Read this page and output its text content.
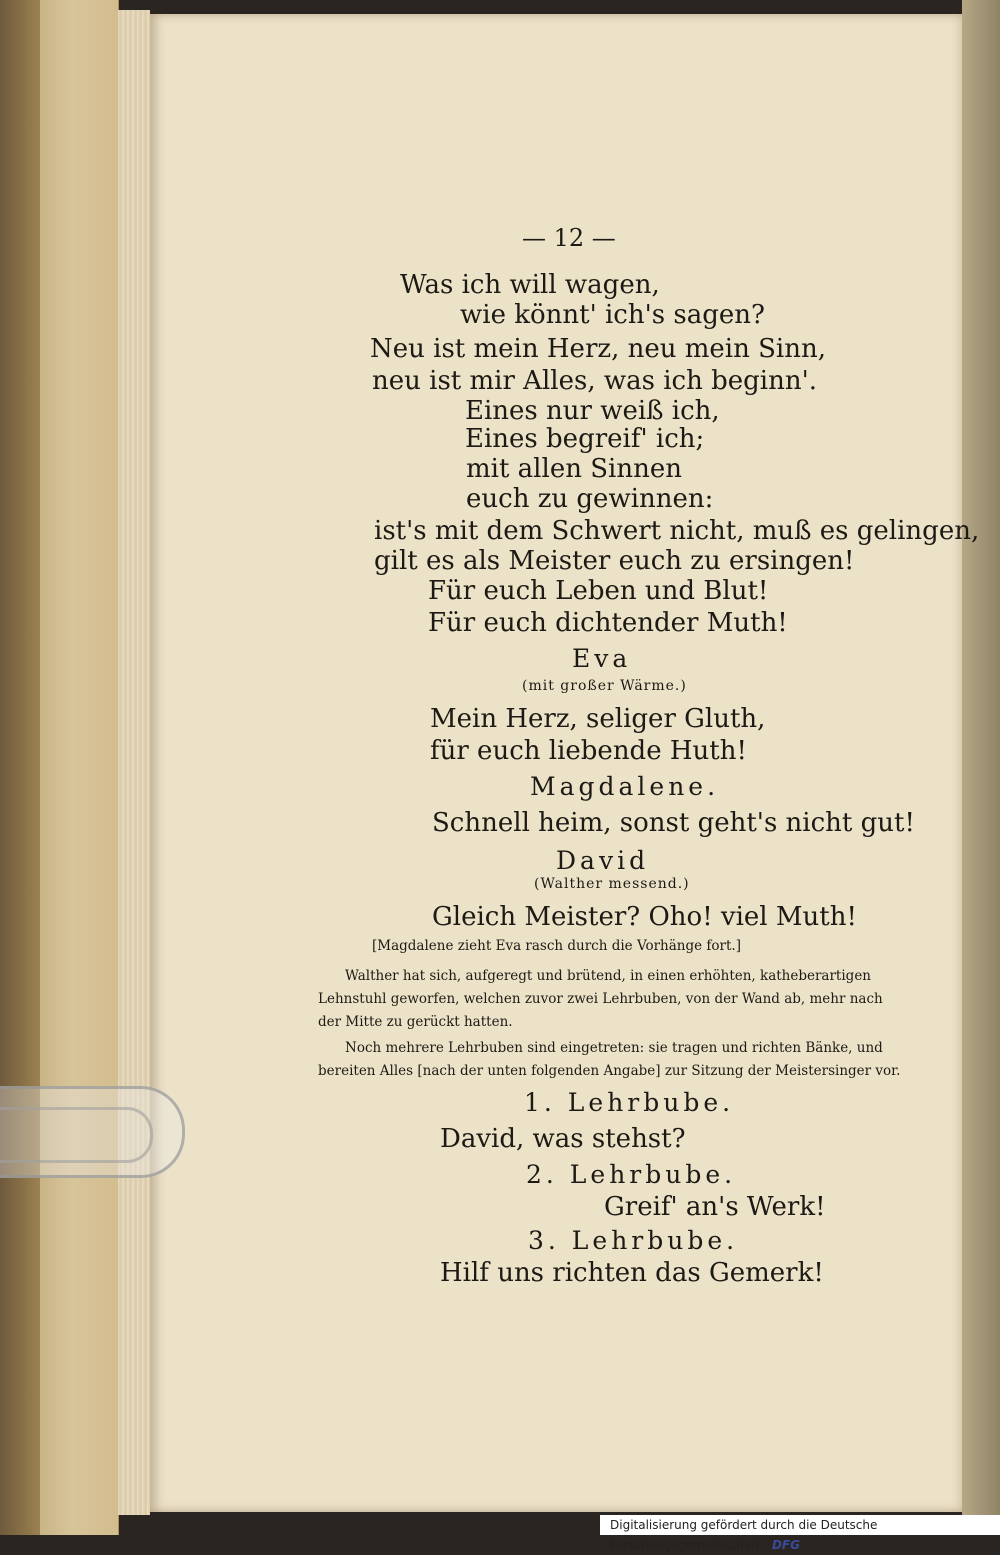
— 12 —
Was ich will wagen,
wie könnt' ich's sagen?
Neu ist mein Herz, neu mein Sinn,
neu ist mir Alles, was ich beginn'.
Eines nur weiß ich,
Eines begreif' ich;
mit allen Sinnen
euch zu gewinnen:
ist's mit dem Schwert nicht, muß es gelingen,
gilt es als Meister euch zu ersingen!
Für euch Leben und Blut!
Für euch dichtender Muth!
Eva
(mit großer Wärme.)
Mein Herz, seliger Gluth,
für euch liebende Huth!
Magdalene.
Schnell heim, sonst geht's nicht gut!
David
(Walther messend.)
Gleich Meister? Oho! viel Muth!
[Magdalene zieht Eva rasch durch die Vorhänge fort.]
Walther hat sich, aufgeregt und brütend, in einen erhöhten, katheberartigen
Lehnstuhl geworfen, welchen zuvor zwei Lehrbuben, von der Wand ab, mehr nach
der Mitte zu gerückt hatten.
Noch mehrere Lehrbuben sind eingetreten: sie tragen und richten Bänke, und
bereiten Alles [nach der unten folgenden Angabe] zur Sitzung der Meistersinger vor.
1. Lehrbube.
David, was stehst?
2. Lehrbube.
Greif' an's Werk!
3. Lehrbube.
Hilf uns richten das Gemerk!
Digitalisierung gefördert durch die Deutsche Forschungsgemeinschaft - DFG
